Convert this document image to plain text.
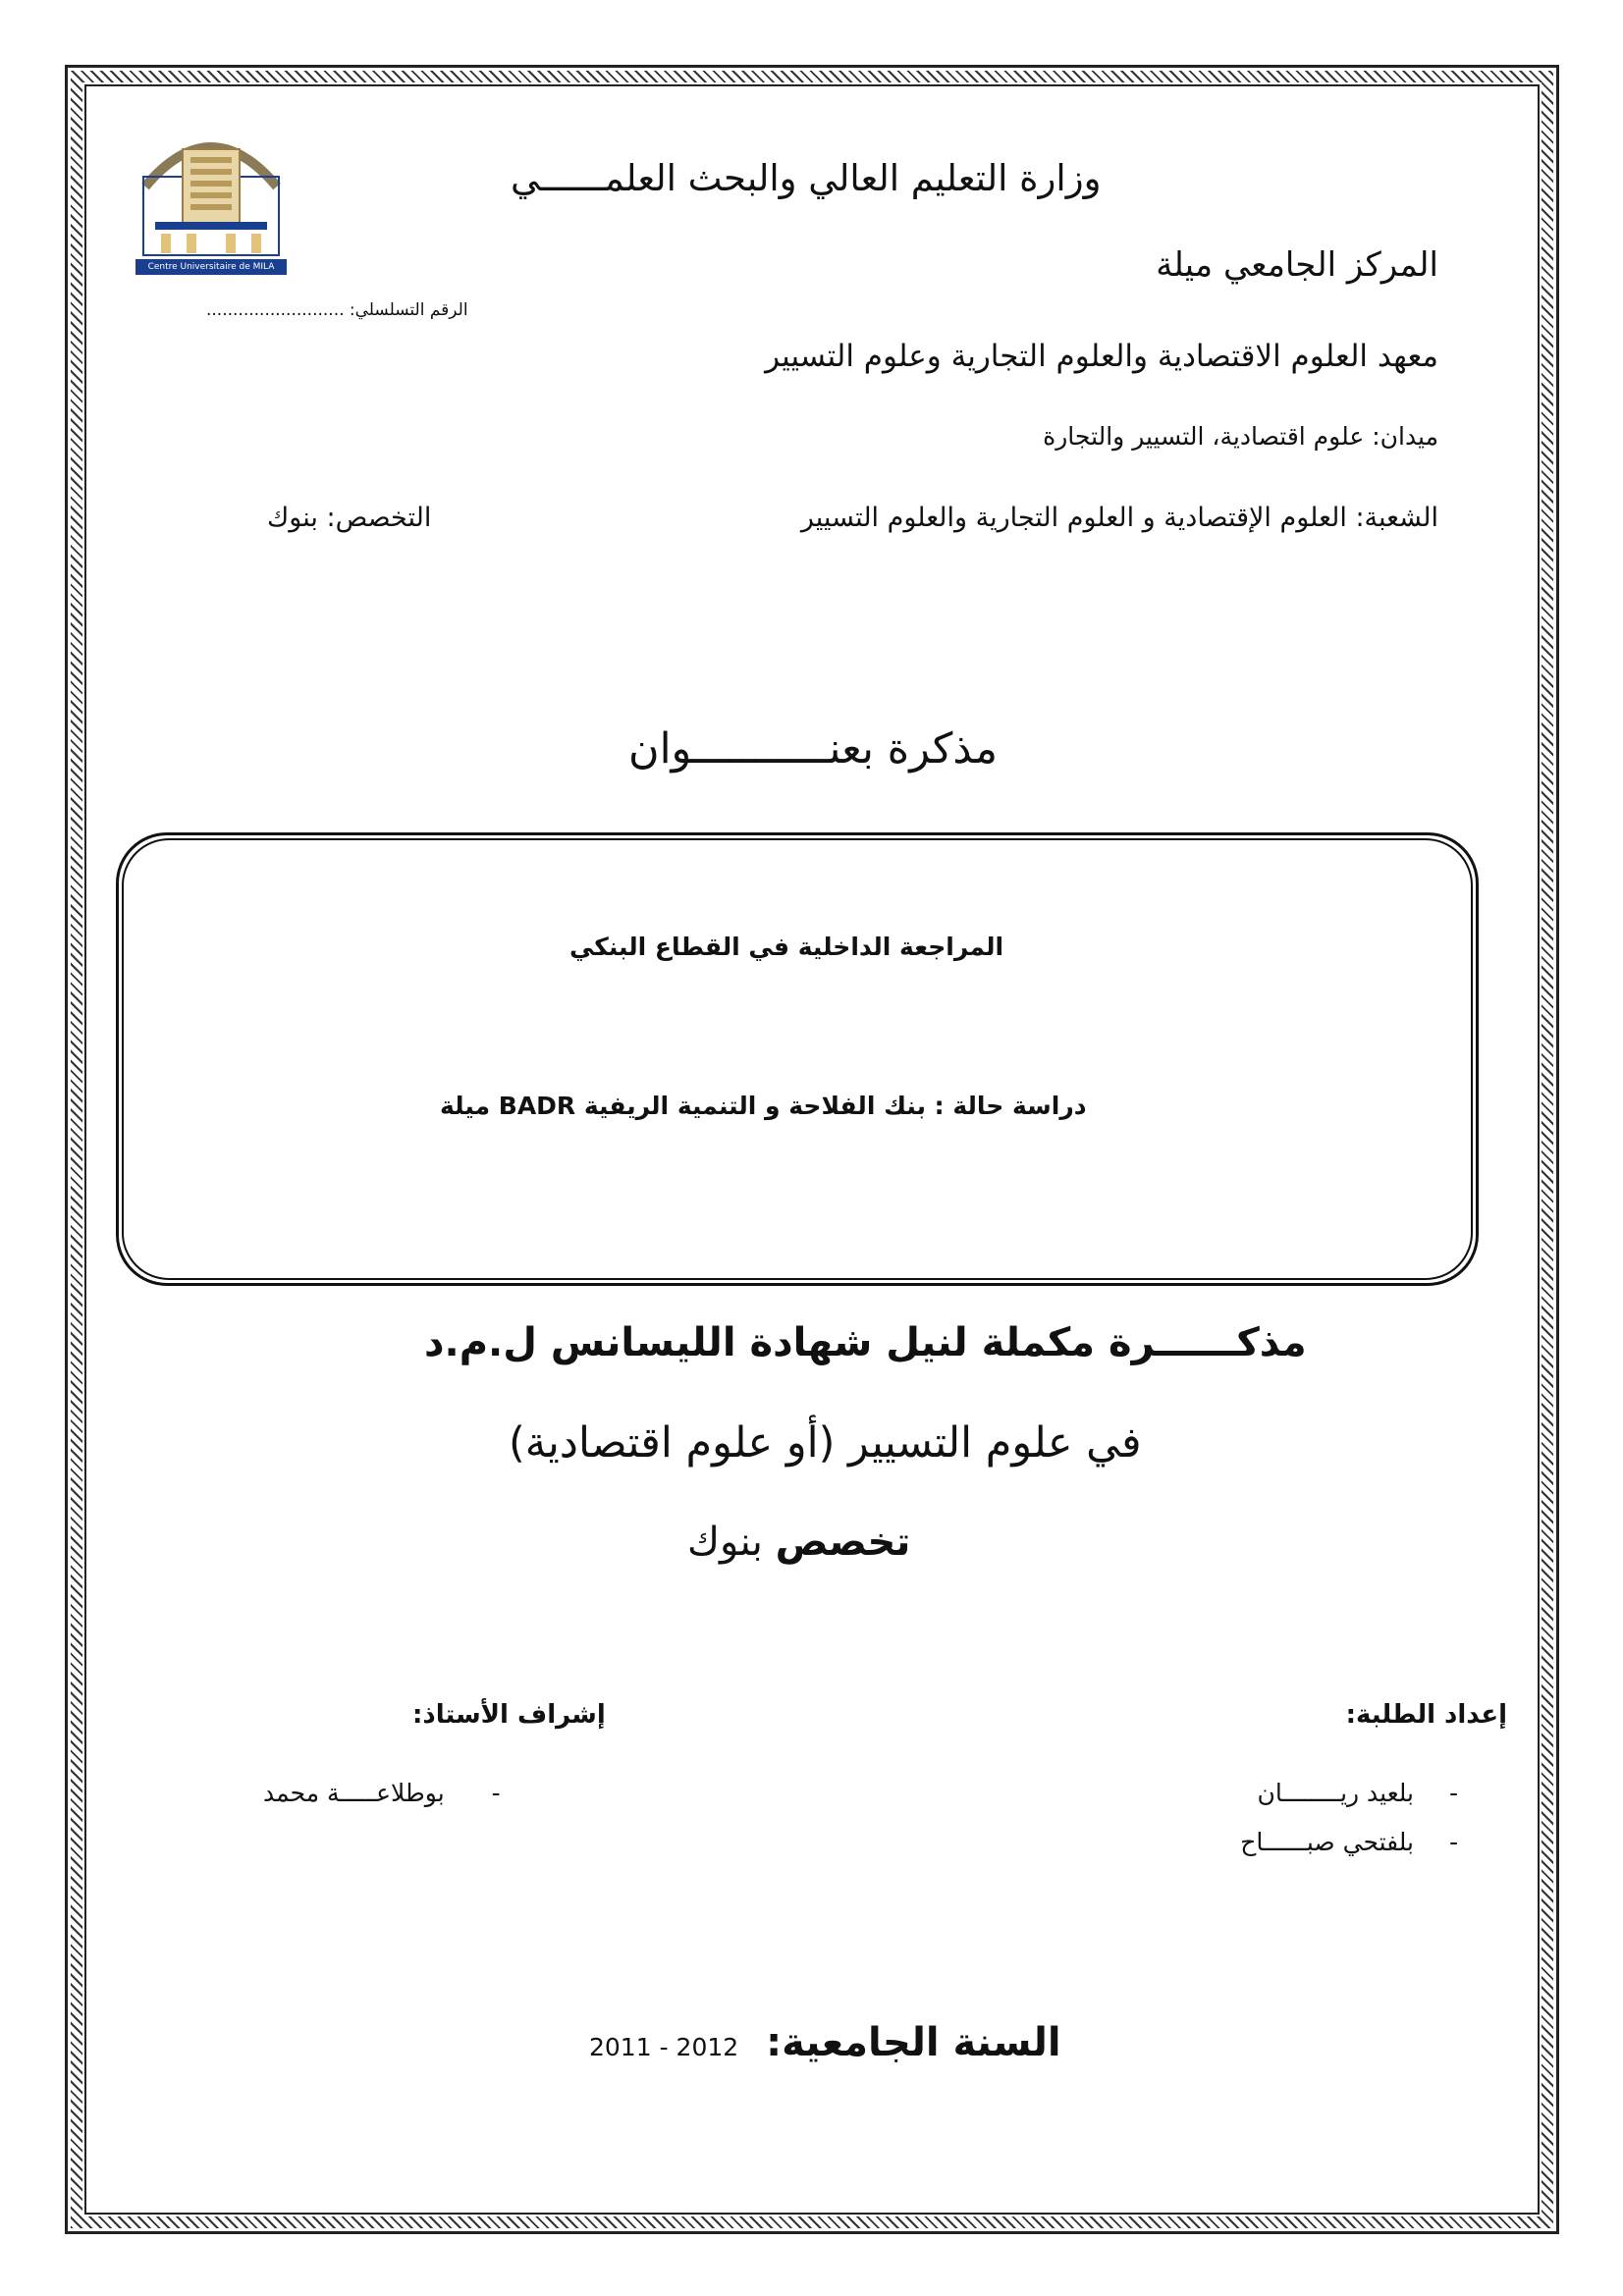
Centre Universitaire de MILA
وزارة التعليم العالي والبحث العلمــــــي
المركز الجامعي ميلة
الرقم التسلسلي: ..........................
معهد العلوم الاقتصادية والعلوم التجارية وعلوم التسيير
ميدان: علوم اقتصادية، التسيير والتجارة
الشعبة: العلوم الإقتصادية و العلوم التجارية والعلوم التسيير
التخصص: بنوك
مذكرة بعنـــــــــــوان
المراجعة الداخلية في القطاع البنكي
دراسة حالة : بنك الفلاحة و التنمية الريفية BADR ميلة
مذكــــــرة مكملة لنيل شهادة الليسانس ل.م.د
في علوم التسيير (أو علوم اقتصادية)
تخصص بنوك
إعداد الطلبة:
إشراف الأستاذ:
- بلعيد ريــــــــان
- بلفتحي صبــــــاح
- بوطلاعـــــة محمد
السنة الجامعية: 2011 - 2012
